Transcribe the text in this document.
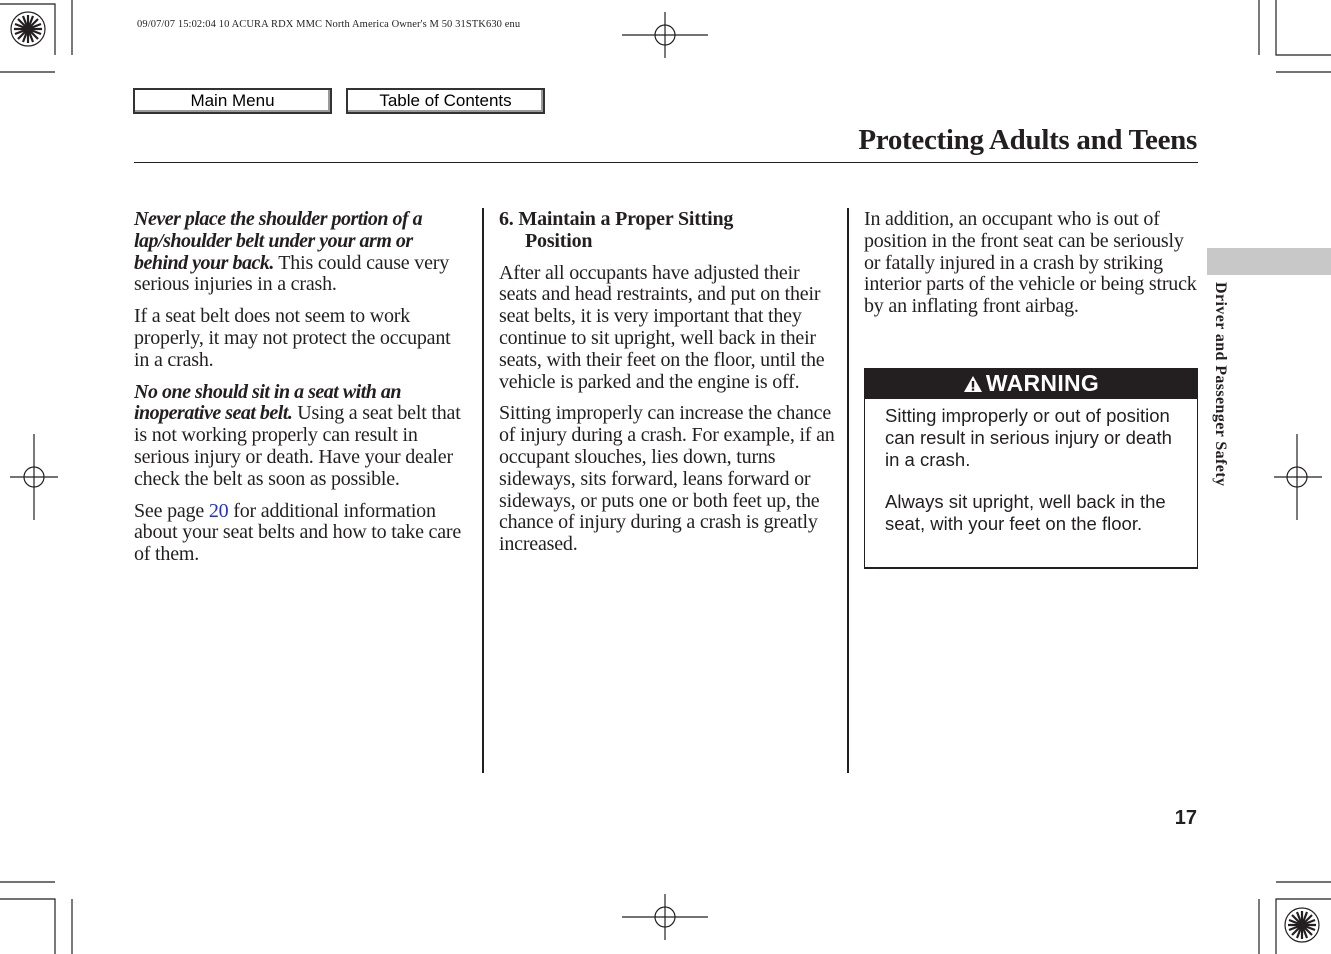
09/07/07 15:02:04 10 ACURA RDX MMC North America Owner's M 50 31STK630 enu
Main Menu	Table of Contents
Protecting Adults and Teens

Never place the shoulder portion of a lap/shoulder belt under your arm or behind your back. This could cause very serious injuries in a crash.

If a seat belt does not seem to work properly, it may not protect the occupant in a crash.

No one should sit in a seat with an inoperative seat belt. Using a seat belt that is not working properly can result in serious injury or death. Have your dealer check the belt as soon as possible.

See page 20 for additional information about your seat belts and how to take care of them.

6. Maintain a Proper Sitting
Position

After all occupants have adjusted their seats and head restraints, and put on their seat belts, it is very important that they continue to sit upright, well back in their seats, with their feet on the floor, until the vehicle is parked and the engine is off.

Sitting improperly can increase the chance of injury during a crash. For example, if an occupant slouches, lies down, turns sideways, sits forward, leans forward or sideways, or puts one or both feet up, the chance of injury during a crash is greatly increased.

In addition, an occupant who is out of position in the front seat can be seriously or fatally injured in a crash by striking interior parts of the vehicle or being struck by an inflating front airbag.

WARNING

Sitting improperly or out of position can result in serious injury or death in a crash.

Always sit upright, well back in the seat, with your feet on the floor.

Driver and Passenger Safety
17
